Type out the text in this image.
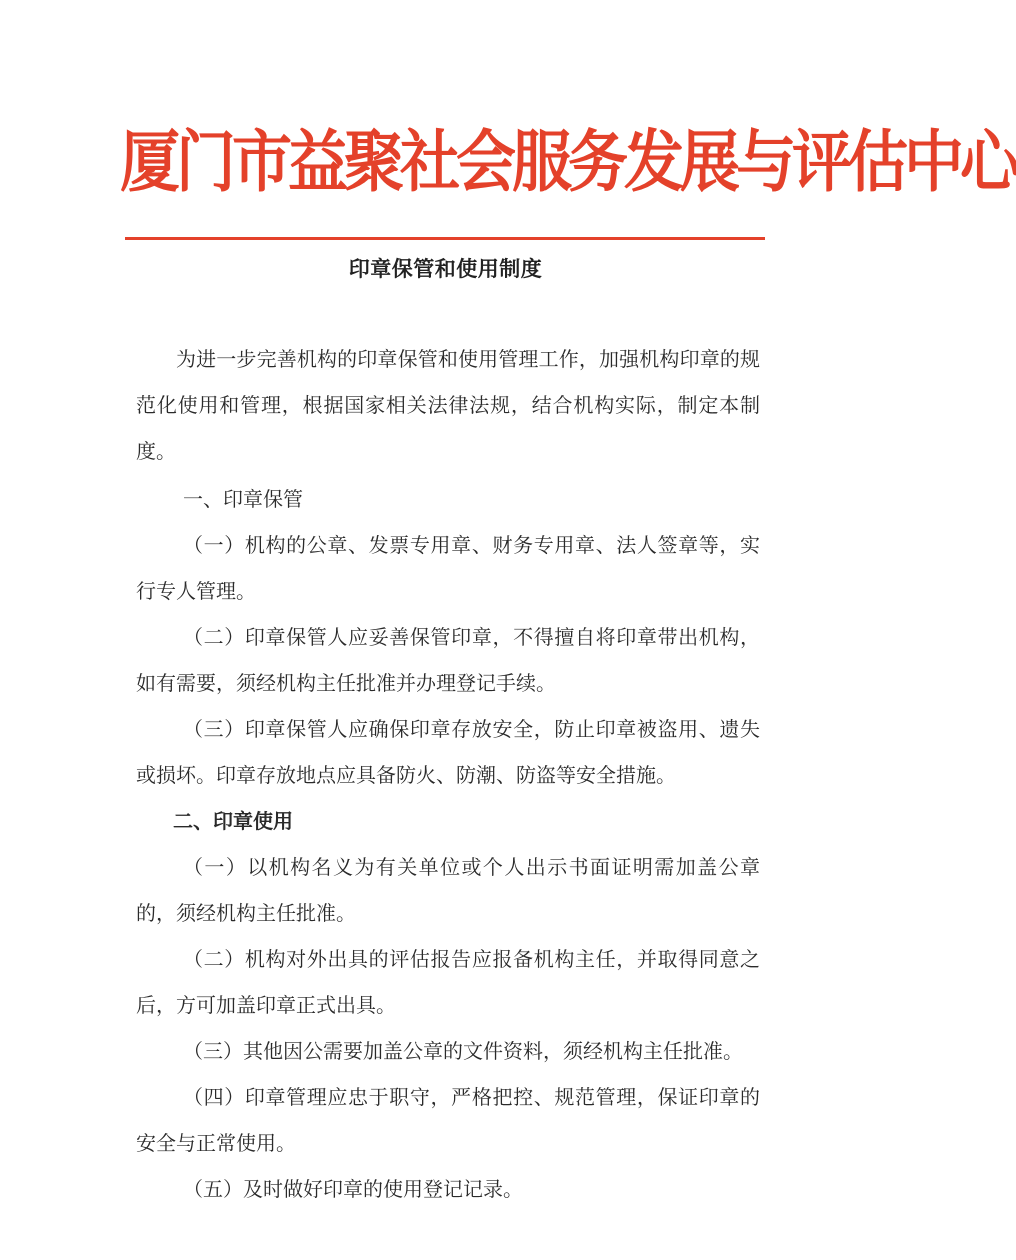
厦门市益聚社会服务发展与评估中心
印章保管和使用制度

为进一步完善机构的印章保管和使用管理工作，加强机构印章的规范化使用和管理，根据国家相关法律法规，结合机构实际，制定本制度。

一、印章保管

（一）机构的公章、发票专用章、财务专用章、法人签章等，实行专人管理。

（二）印章保管人应妥善保管印章，不得擅自将印章带出机构，如有需要，须经机构主任批准并办理登记手续。

（三）印章保管人应确保印章存放安全，防止印章被盗用、遗失或损坏。印章存放地点应具备防火、防潮、防盗等安全措施。

二、印章使用

（一）以机构名义为有关单位或个人出示书面证明需加盖公章的，须经机构主任批准。

（二）机构对外出具的评估报告应报备机构主任，并取得同意之后，方可加盖印章正式出具。

（三）其他因公需要加盖公章的文件资料，须经机构主任批准。

（四）印章管理应忠于职守，严格把控、规范管理，保证印章的安全与正常使用。

（五）及时做好印章的使用登记记录。
